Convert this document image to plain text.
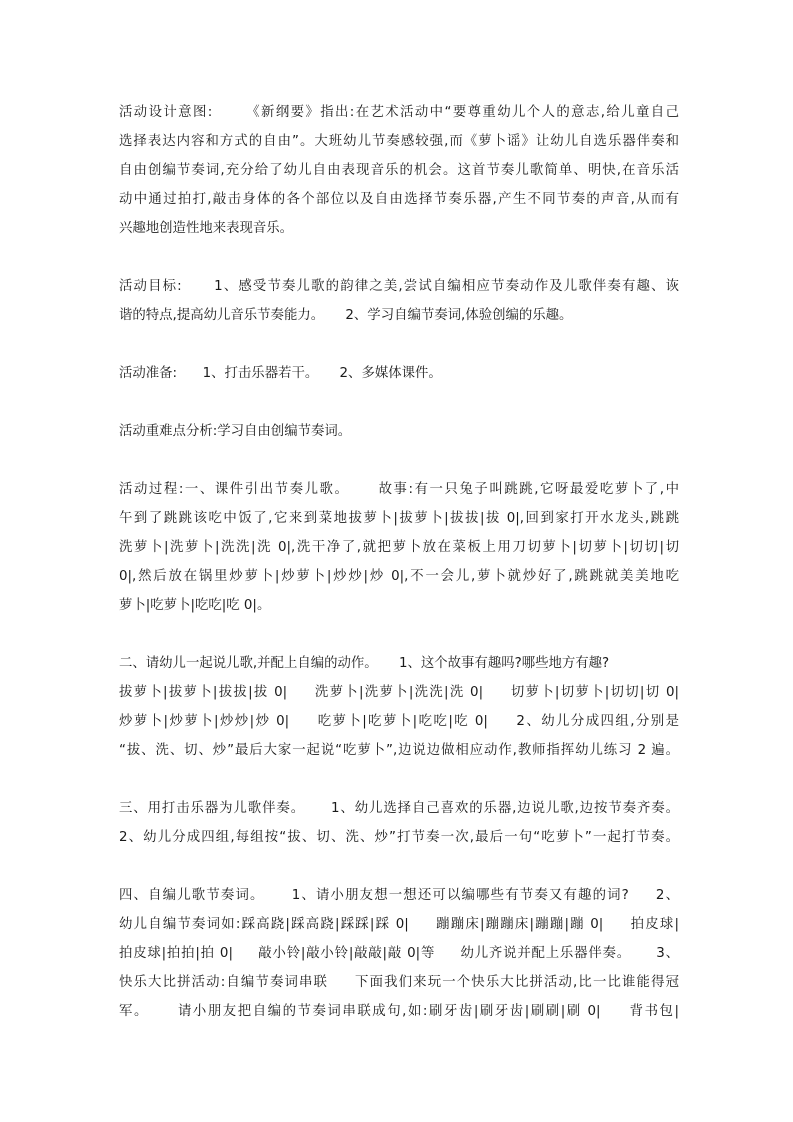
活动设计意图:      《新纲要》指出:在艺术活动中“要尊重幼儿个人的意志,给儿童自己
选择表达内容和方式的自由”。大班幼儿节奏感较强,而《萝卜谣》让幼儿自选乐器伴奏和
自由创编节奏词,充分给了幼儿自由表现音乐的机会。这首节奏儿歌简单、明快,在音乐活
动中通过拍打,敲击身体的各个部位以及自由选择节奏乐器,产生不同节奏的声音,从而有
兴趣地创造性地来表现音乐。
活动目标:      1、感受节奏儿歌的韵律之美,尝试自编相应节奏动作及儿歌伴奏有趣、诙
谐的特点,提高幼儿音乐节奏能力。     2、学习自编节奏词,体验创编的乐趣。
活动准备:      1、打击乐器若干。     2、多媒体课件。
活动重难点分析:学习自由创编节奏词。
活动过程:一、课件引出节奏儿歌。     故事:有一只兔子叫跳跳,它呀最爱吃萝卜了,中
午到了跳跳该吃中饭了,它来到菜地拔萝卜|拔萝卜|拔拔|拔 0|,回到家打开水龙头,跳跳
洗萝卜|洗萝卜|洗洗|洗 0|,洗干净了,就把萝卜放在菜板上用刀切萝卜|切萝卜|切切|切
0|,然后放在锅里炒萝卜|炒萝卜|炒炒|炒 0|,不一会儿,萝卜就炒好了,跳跳就美美地吃
萝卜|吃萝卜|吃吃|吃 0|。
二、请幼儿一起说儿歌,并配上自编的动作。     1、这个故事有趣吗?哪些地方有趣?
拔萝卜|拔萝卜|拔拔|拔 0|     洗萝卜|洗萝卜|洗洗|洗 0|     切萝卜|切萝卜|切切|切 0|
炒萝卜|炒萝卜|炒炒|炒 0|     吃萝卜|吃萝卜|吃吃|吃 0|     2、幼儿分成四组,分别是
“拔、洗、切、炒”最后大家一起说“吃萝卜”,边说边做相应动作,教师指挥幼儿练习 2 遍。
三、用打击乐器为儿歌伴奏。     1、幼儿选择自己喜欢的乐器,边说儿歌,边按节奏齐奏。
2、幼儿分成四组,每组按“拔、切、洗、炒”打节奏一次,最后一句“吃萝卜”一起打节奏。
四、自编儿歌节奏词。     1、请小朋友想一想还可以编哪些有节奏又有趣的词?     2、
幼儿自编节奏词如:踩高跷|踩高跷|踩踩|踩 0|     蹦蹦床|蹦蹦床|蹦蹦|蹦 0|     拍皮球|
拍皮球|拍拍|拍 0|     敲小铃|敲小铃|敲敲|敲 0|等     幼儿齐说并配上乐器伴奏。     3、
快乐大比拼活动:自编节奏词串联     下面我们来玩一个快乐大比拼活动,比一比谁能得冠
军。     请小朋友把自编的节奏词串联成句,如:刷牙齿|刷牙齿|刷刷|刷 0|     背书包|
